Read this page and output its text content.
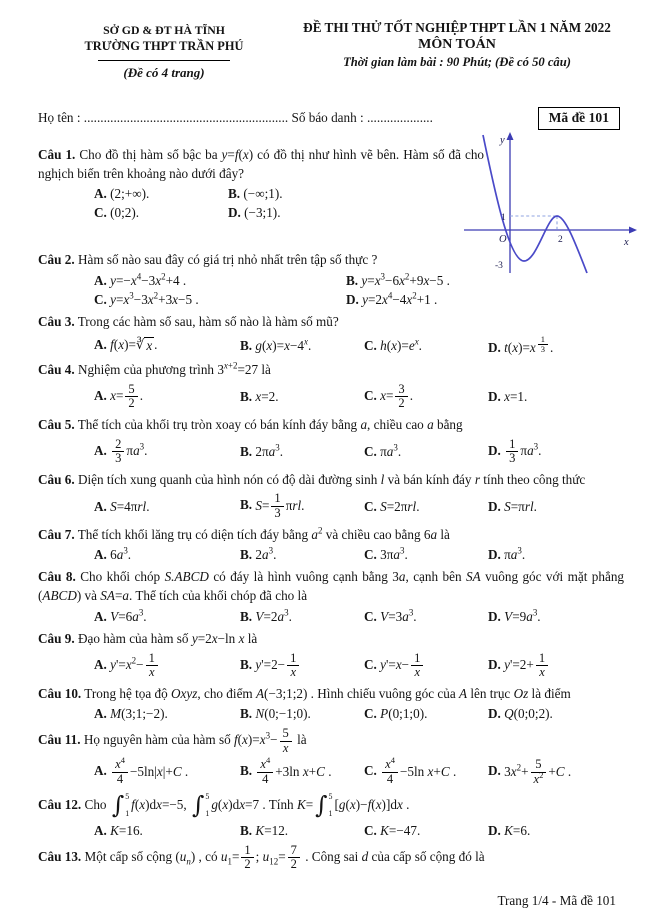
SỞ GD & ĐT HÀ TĨNH
TRƯỜNG THPT TRẦN PHÚ
(Đề có 4 trang)
ĐỀ THI THỬ TỐT NGHIỆP THPT LẦN 1 NĂM 2022
MÔN TOÁN
Thời gian làm bài : 90 Phút; (Đề có 50 câu)
Họ tên : .............................................................. Số báo danh : ....................	Mã đề 101
Câu 1. Cho đồ thị hàm số bậc ba y=f(x) có đồ thị như hình vẽ bên. Hàm số đã cho nghịch biến trên khoảng nào dưới đây?
A. (2;+∞).	B. (−∞;1).
C. (0;2).	D. (−3;1).
Câu 2. Hàm số nào sau đây có giá trị nhỏ nhất trên tập số thực ?
A. $y=-x^4-3x^2+4$ .	B. $y=x^3-6x^2+9x-5$ .
C. $y=x^3-3x^2+3x-5$ .	D. $y=2x^4-4x^2+1$ .
Câu 3. Trong các hàm số sau, hàm số nào là hàm số mũ?
A. f(x)= ∛ x .	B. $g(x)=x-4^x$.	C. $h(x)=e^x$.	D. t(x)=x $^{\frac{1}{3}}$ .
Câu 4. Nghiệm của phương trình $3^{x+2}=27$ là
A. $x= \frac{5}{2}$ .	B. x=2.	C. $x= \frac{3}{2}$ .	D. x=1.
Câu 5. Thể tích của khối trụ tròn xoay có bán kính đáy bằng a, chiều cao a bằng
A. $\frac{2}{3} \pi a^3$.	B. $2\pi a^3$.	C. $\pi a^3$.	D. $\frac{1}{3} \pi a^3$.
Câu 6. Diện tích xung quanh của hình nón có độ dài đường sinh l và bán kính đáy r tính theo công thức
A. S=4πrl.	B. $S= \frac{1}{3} \pi rl$.	C. S=2πrl.	D. S=πrl.
Câu 7. Thể tích khối lăng trụ có diện tích đáy bằng $a^2$ và chiều cao bằng 6a là
A. $6a^3$.	B. $2a^3$.	C. $3\pi a^3$.	D. $\pi a^3$.
Câu 8. Cho khối chóp S.ABCD có đáy là hình vuông cạnh bằng 3a, cạnh bên SA vuông góc với mặt phẳng (ABCD) và SA=a. Thể tích của khối chóp đã cho là
A. $V=6a^3$.	B. $V=2a^3$.	C. $V=3a^3$.	D. $V=9a^3$.
Câu 9. Đạo hàm của hàm số y=2x−ln x là
A. $y'=x^2- \frac{1}{x}$	B. $y'=2- \frac{1}{x}$	C. $y'=x- \frac{1}{x}$	D. $y'=2+ \frac{1}{x}$
Câu 10. Trong hệ tọa độ Oxyz, cho điểm A(−3;1;2) . Hình chiếu vuông góc của A lên trục Oz là điểm
A. M(3;1;−2).	B. N(0;−1;0).	C. P(0;1;0).	D. Q(0;0;2).
Câu 11. Họ nguyên hàm của hàm số $f(x)=x^3- \frac{5}{x}$ là
A. $\frac{x^4}{4} -5\ln|x|+C$ .	B. $\frac{x^4}{4} +3\ln$ x+C .	C. $\frac{x^4}{4} -5\ln$ x+C .	D. $3x^2+ \frac{5}{x^2} +C$ .
Câu 12. Cho ∫ 5
1
f(x)dx=−5, ∫ 5
1
g(x)dx=7 . Tính K= ∫ 5
1
[g(x)−f(x)]dx .
A. K=16.	B. K=12.	C. K=−47.	D. K=6.
Câu 13. Một cấp số cộng $(u_n)$ , có $u_1= \frac{1}{2}$ ; $u_{12}= \frac{7}{2}$ . Công sai d của cấp số cộng đó là
y
x
O
1
2
-3
Trang 1/4 - Mã đề 101
